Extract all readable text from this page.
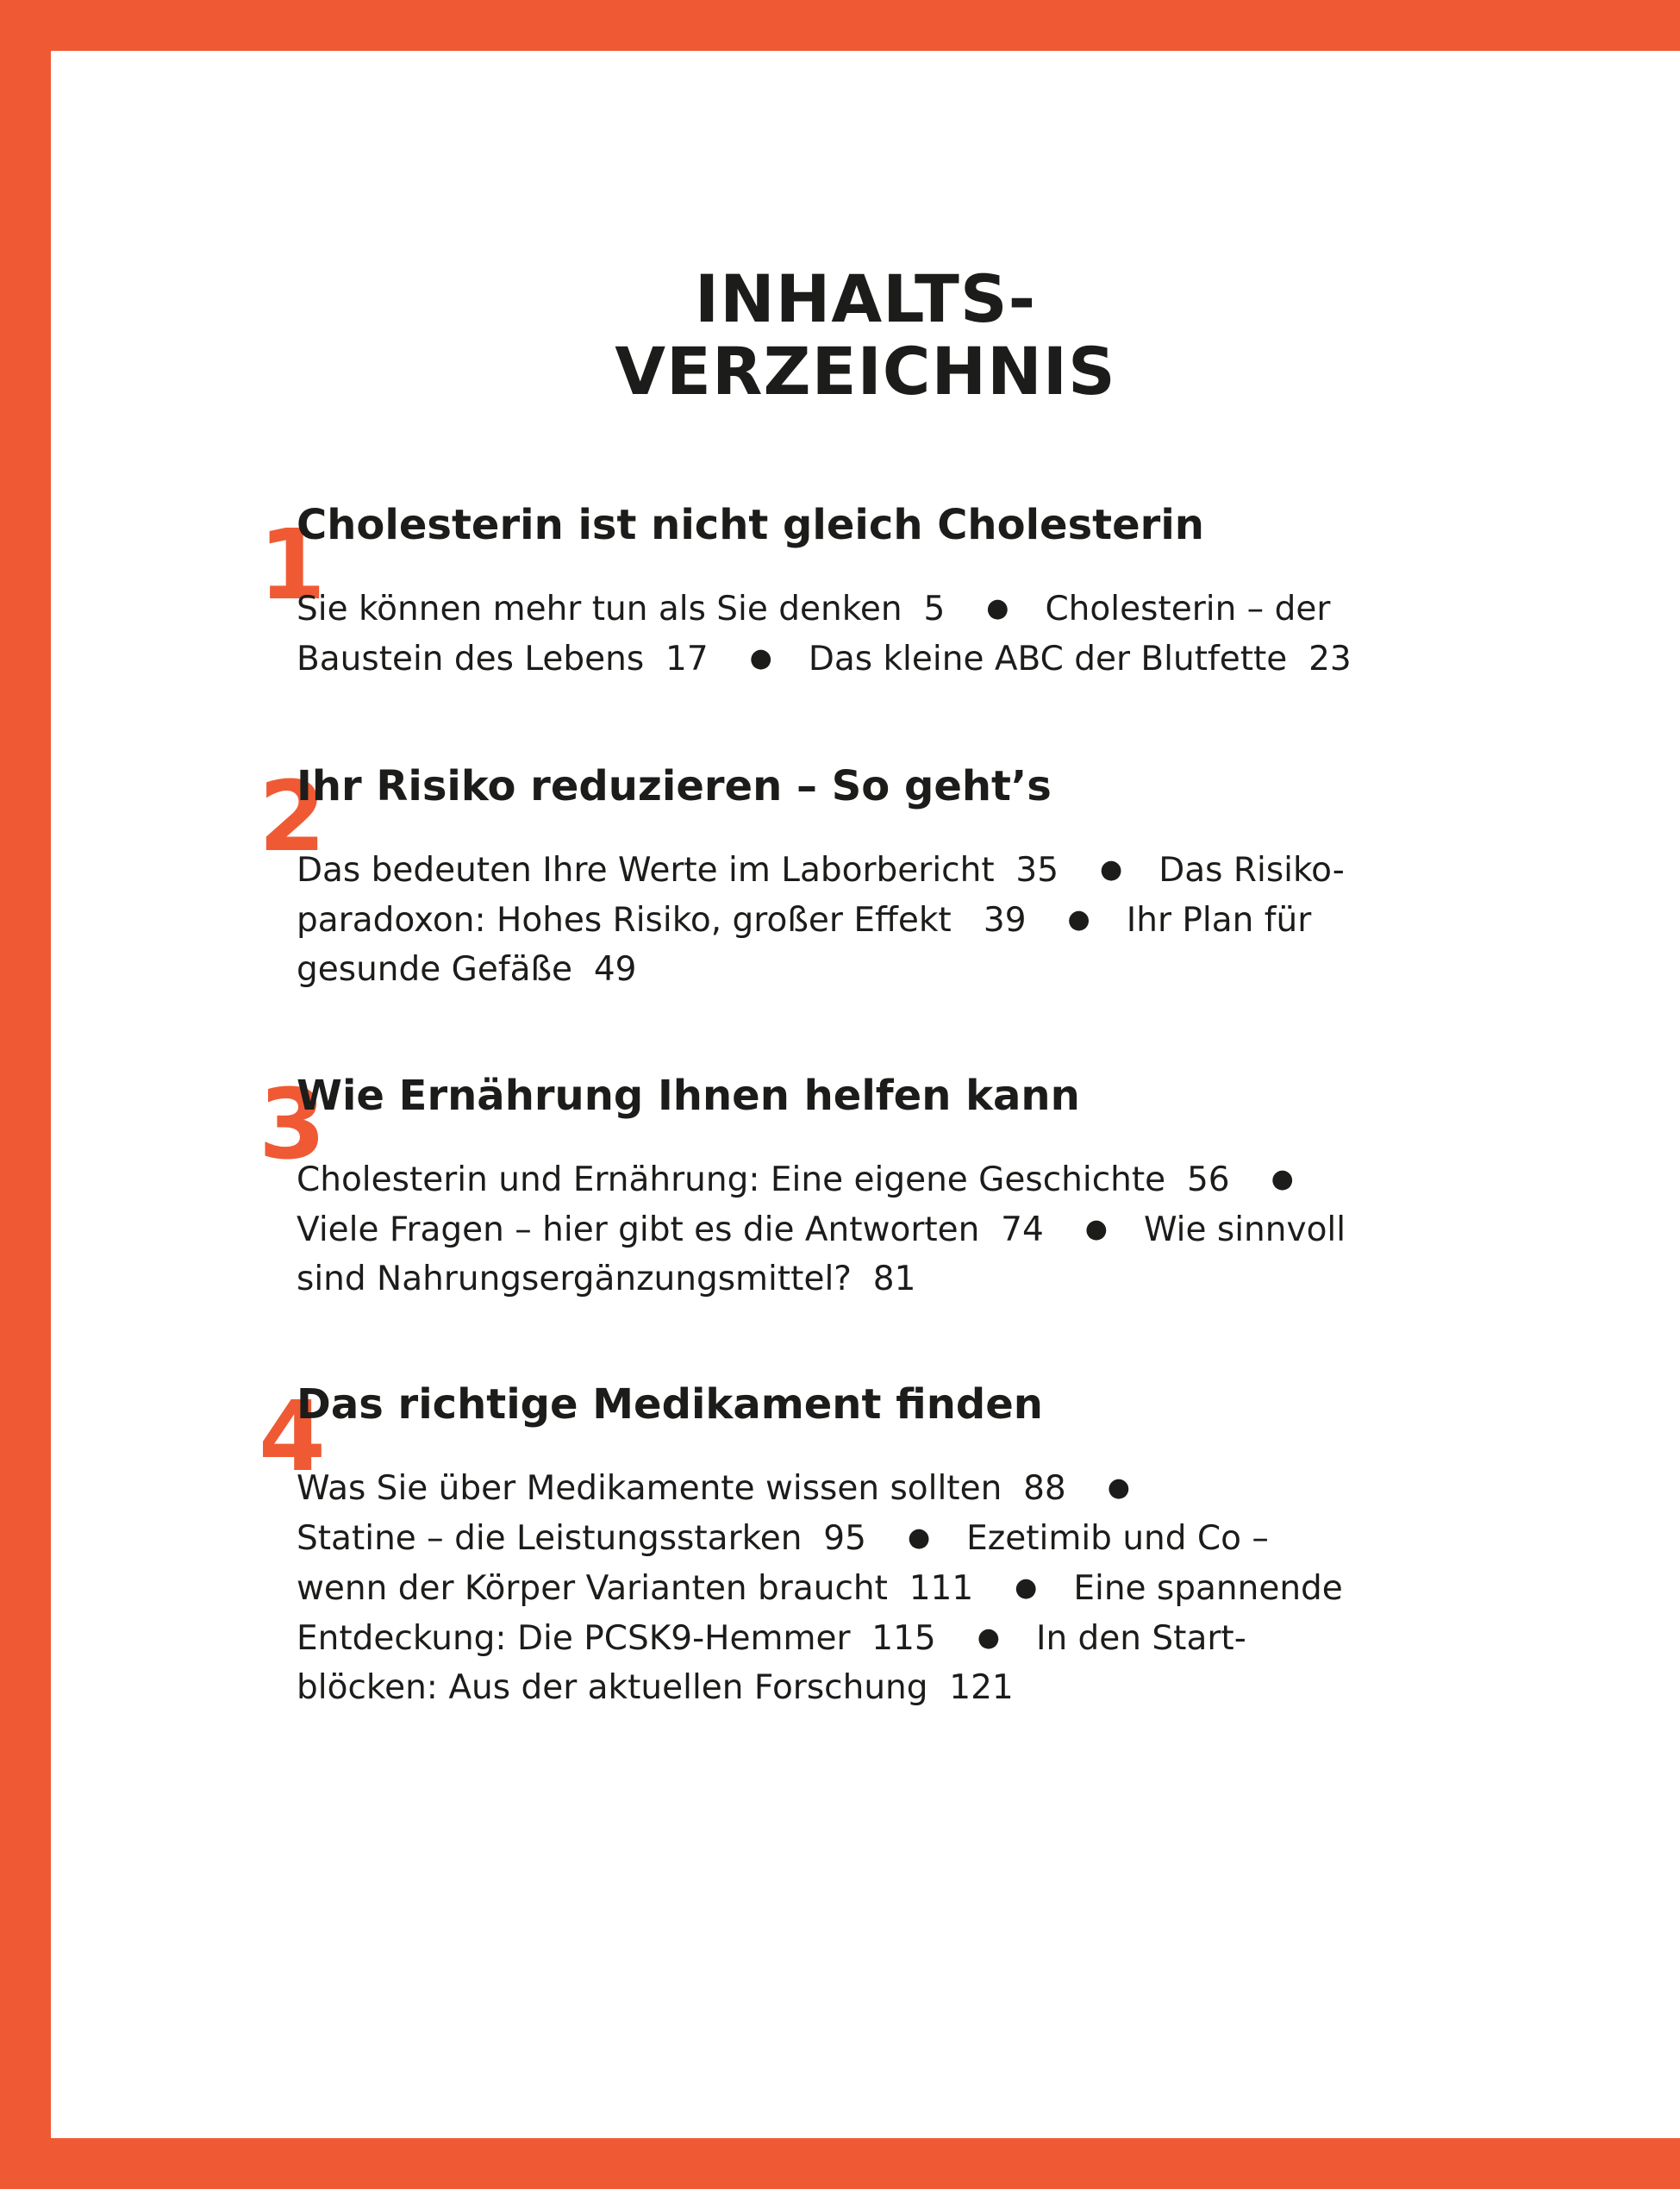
INHALTS-
VERZEICHNIS
1
Cholesterin ist nicht gleich Cholesterin
Sie können mehr tun als Sie denken  5 ● Cholesterin – der
Baustein des Lebens  17 ● Das kleine ABC der Blutfette  23
2
Ihr Risiko reduzieren – So geht’s
Das bedeuten Ihre Werte im Laborbericht  35 ● Das Risiko-
paradoxon: Hohes Risiko, großer Effekt   39 ● Ihr Plan für
gesunde Gefäße  49
3
Wie Ernährung Ihnen helfen kann
Cholesterin und Ernährung: Eine eigene Geschichte  56 ●
Viele Fragen – hier gibt es die Antworten  74 ● Wie sinnvoll
sind Nahrungsergänzungsmittel?  81
4
Das richtige Medikament finden
Was Sie über Medikamente wissen sollten  88 ●
Statine – die Leistungsstarken  95 ● Ezetimib und Co –
wenn der Körper Varianten braucht  111 ● Eine spannende
Entdeckung: Die PCSK9-Hemmer  115 ● In den Start-
blöcken: Aus der aktuellen Forschung  121
